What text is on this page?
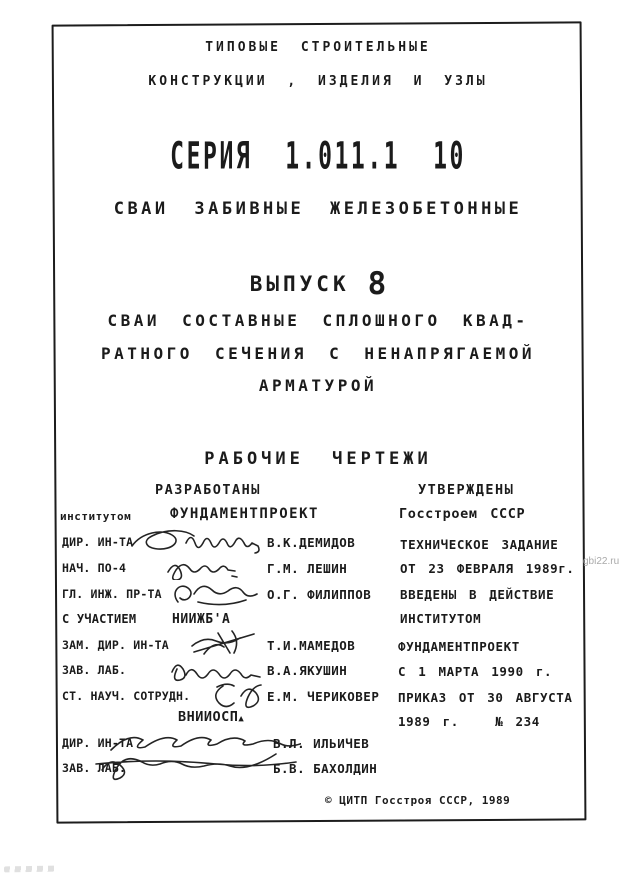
ТИПОВЫЕ СТРОИТЕЛЬНЫЕ
КОНСТРУКЦИИ , ИЗДЕЛИЯ И УЗЛЫ
СЕРИЯ  1.011.1  10
СВАИ ЗАБИВНЫЕ ЖЕЛЕЗОБЕТОННЫЕ
ВЫПУСК 8
СВАИ СОСТАВНЫЕ СПЛОШНОГО КВАД-
РАТНОГО СЕЧЕНИЯ С НЕНАПРЯГАЕМОЙ
АРМАТУРОЙ
РАБОЧИЕ ЧЕРТЕЖИ
РАЗРАБОТАНЫ
институтом	ФУНДАМЕНТПРОЕКТ
ДИР. ИН-ТА	В.К.ДЕМИДОВ
НАЧ. ПО-4	Г.М. ЛЕШИН
ГЛ. ИНЖ. ПР-ТА	О.Г. ФИЛИППОВ
С УЧАСТИЕМ	НИИЖБ'А
ЗАМ. ДИР. ИН-ТА	Т.И.МАМЕДОВ
ЗАВ. ЛАБ.	В.А.ЯКУШИН
СТ. НАУЧ. СОТРУДН.	Е.М. ЧЕРИКОВЕР
ВНИИОСП▲
ДИР. ИН-ТА	В.Л. ИЛЬИЧЕВ
ЗАВ. ЛАБ.	Б.В. БАХОЛДИН
УТВЕРЖДЕНЫ
Госстроем СССР
ТЕХНИЧЕСКОЕ ЗАДАНИЕ
ОТ 23 ФЕВРАЛЯ 1989г.
ВВЕДЕНЫ В ДЕЙСТВИЕ
ИНСТИТУТОМ
ФУНДАМЕНТПРОЕКТ
С 1 МАРТА 1990 г.
ПРИКАЗ ОТ 30 АВГУСТА
1989 г.   № 234
© ЦИТП Госстроя СССР, 1989
gbi22.ru
